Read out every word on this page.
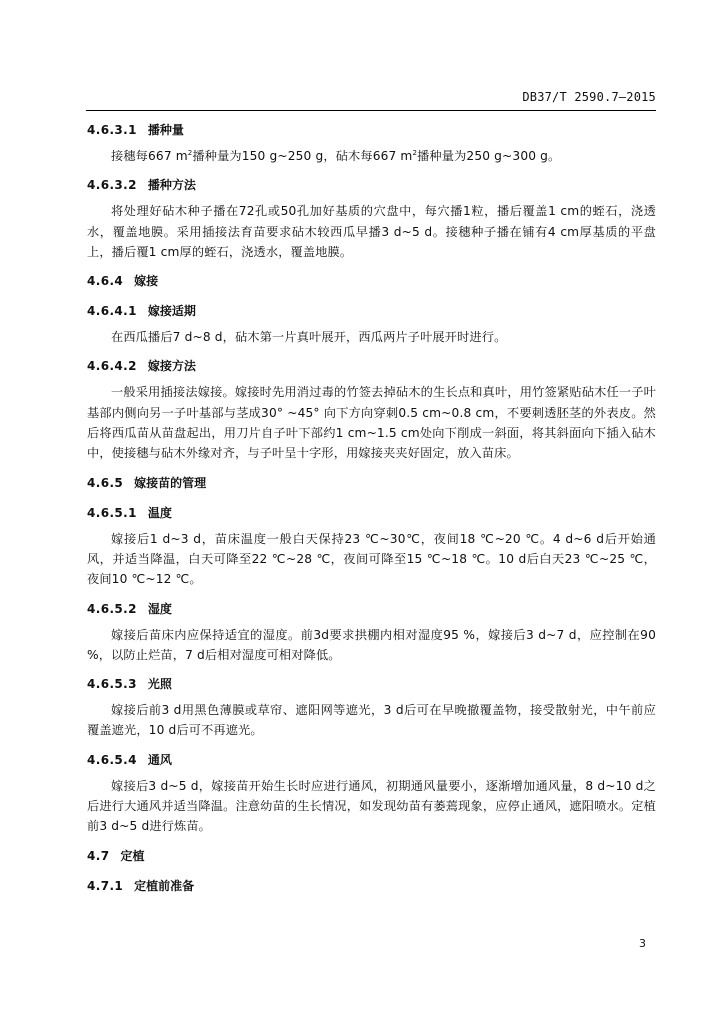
DB37/T 2590.7—2015
4.6.3.1 播种量

接穗每667 $m^2$播种量为150 g~250 g，砧木每667 $m^2$播种量为250 g~300 g。

4.6.3.2 播种方法

将处理好砧木种子播在72孔或50孔加好基质的穴盘中，每穴播1粒，播后覆盖1 cm的蛭石，浇透水，覆盖地膜。采用插接法育苗要求砧木较西瓜早播3 d~5 d。接穗种子播在铺有4 cm厚基质的平盘上，播后覆1 cm厚的蛭石，浇透水，覆盖地膜。

4.6.4 嫁接
4.6.4.1 嫁接适期

在西瓜播后7 d~8 d，砧木第一片真叶展开，西瓜两片子叶展开时进行。

4.6.4.2 嫁接方法

一般采用插接法嫁接。嫁接时先用消过毒的竹签去掉砧木的生长点和真叶，用竹签紧贴砧木任一子叶基部内侧向另一子叶基部与茎成30° ~45° 向下方向穿刺0.5 cm~0.8 cm，不要刺透胚茎的外表皮。然后将西瓜苗从苗盘起出，用刀片自子叶下部约1 cm~1.5 cm处向下削成一斜面，将其斜面向下插入砧木中，使接穗与砧木外缘对齐，与子叶呈十字形，用嫁接夹夹好固定，放入苗床。

4.6.5 嫁接苗的管理
4.6.5.1 温度

嫁接后1 d~3 d，苗床温度一般白天保持23 ℃~30℃，夜间18 ℃~20 ℃。4 d~6 d后开始通风，并适当降温，白天可降至22 ℃~28 ℃，夜间可降至15 ℃~18 ℃。10 d后白天23 ℃~25 ℃，夜间10 ℃~12 ℃。

4.6.5.2 湿度

嫁接后苗床内应保持适宜的湿度。前3d要求拱棚内相对湿度95 %，嫁接后3 d~7 d，应控制在90 %，以防止烂苗，7 d后相对湿度可相对降低。

4.6.5.3 光照

嫁接后前3 d用黑色薄膜或草帘、遮阳网等遮光，3 d后可在早晚撤覆盖物，接受散射光，中午前应覆盖遮光，10 d后可不再遮光。

4.6.5.4 通风

嫁接后3 d~5 d，嫁接苗开始生长时应进行通风，初期通风量要小，逐渐增加通风量，8 d~10 d之后进行大通风并适当降温。注意幼苗的生长情况，如发现幼苗有萎蔫现象，应停止通风，遮阳喷水。定植前3 d~5 d进行炼苗。

4.7 定植
4.7.1 定植前准备
3
